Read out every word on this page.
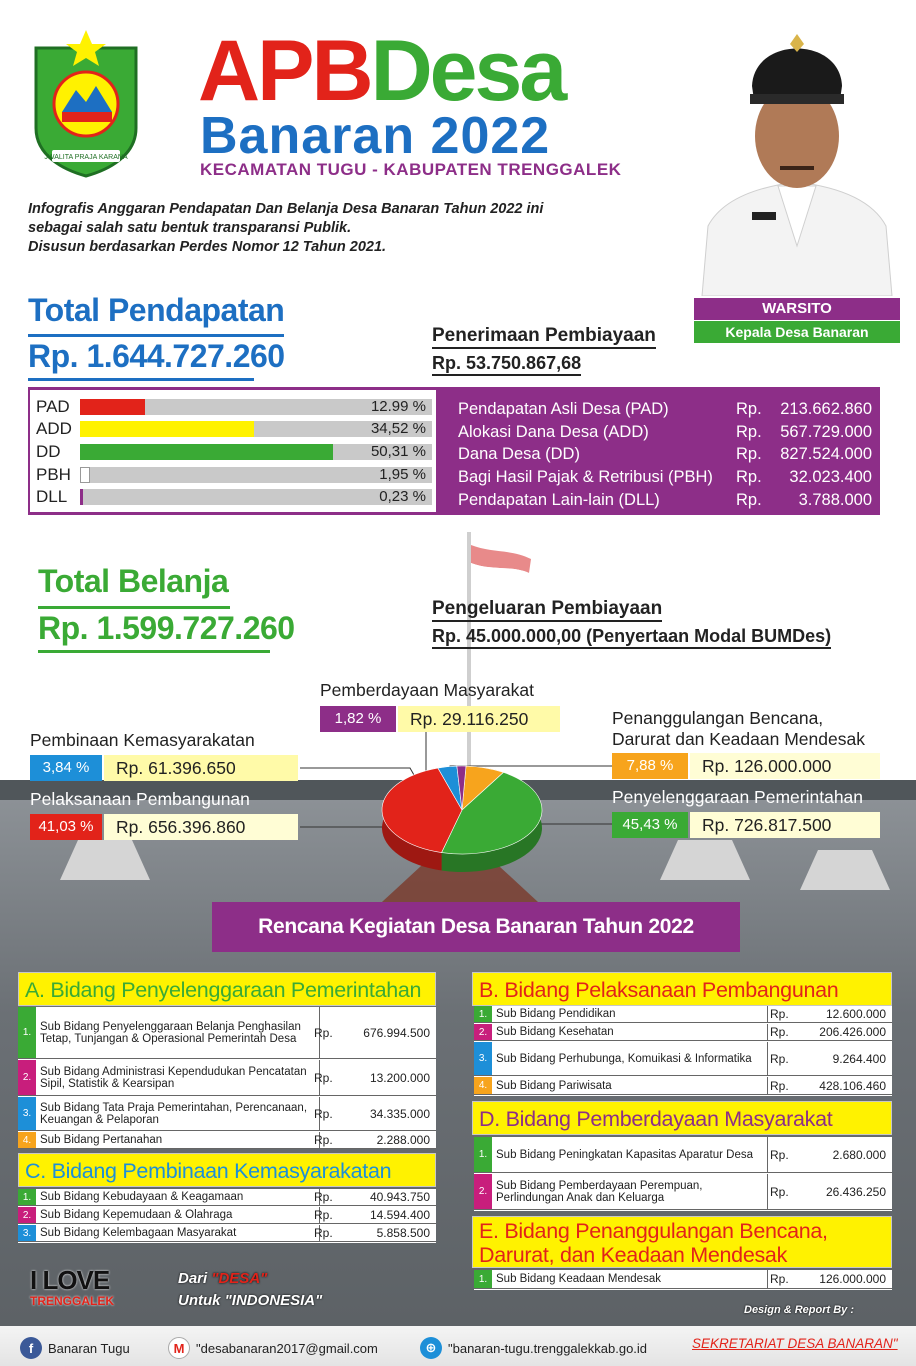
JWALITA PRAJA KARANA
APBDesa
Banaran 2022
KECAMATAN TUGU - KABUPATEN TRENGGALEK
Infografis Anggaran Pendapatan Dan Belanja Desa Banaran Tahun 2022 ini
sebagai salah satu bentuk transparansi Publik.
Disusun berdasarkan Perdes Nomor 12 Tahun 2021.
WARSITO
Kepala Desa Banaran
Total Pendapatan
Rp. 1.644.727.260
Penerimaan Pembiayaan
Rp. 53.750.867,68
PAD	12.99 %
ADD	34,52 %
DD	50,31 %
PBH	1,95 %
DLL	0,23 %
Pendapatan Asli Desa (PAD)	Rp. 213.662.860
Alokasi Dana Desa (ADD)	Rp. 567.729.000
Dana Desa (DD)	Rp. 827.524.000
Bagi Hasil Pajak & Retribusi (PBH) Rp. 32.023.400
Pendapatan Lain-lain (DLL)	Rp. 3.788.000
Total Belanja
Rp. 1.599.727.260
Pengeluaran Pembiayaan
Rp. 45.000.000,00 (Penyertaan Modal BUMDes)
Pemberdayaan Masyarakat
1,82 %	Rp. 29.116.250
Pembinaan Kemasyarakatan
3,84 %	Rp. 61.396.650
Pelaksanaan Pembangunan
41,03 %	Rp. 656.396.860
Penanggulangan Bencana,
Darurat dan Keadaan Mendesak
7,88 %	Rp. 126.000.000
Penyelenggaraan Pemerintahan
45,43 %	Rp. 726.817.500
Rencana Kegiatan Desa Banaran Tahun 2022
A. Bidang Penyelenggaraan Pemerintahan
1. Sub Bidang Penyelenggaraan Belanja Penghasilan Tetap, Tunjangan & Operasional Pemerintah Desa	Rp.	676.994.500
2. Sub Bidang Administrasi Kependudukan Pencatatan Sipil, Statistik & Kearsipan	Rp.	13.200.000
3. Sub Bidang Tata Praja Pemerintahan, Perencanaan, Keuangan & Pelaporan	Rp.	34.335.000
4. Sub Bidang Pertanahan	Rp.	2.288.000
C. Bidang Pembinaan Kemasyarakatan
1. Sub Bidang Kebudayaan & Keagamaan	Rp.	40.943.750
2. Sub Bidang Kepemudaan & Olahraga	Rp.	14.594.400
3. Sub Bidang Kelembagaan Masyarakat	Rp.	5.858.500
B. Bidang Pelaksanaan Pembangunan
1. Sub Bidang Pendidikan	Rp.	12.600.000
2. Sub Bidang Kesehatan	Rp.	206.426.000
3. Sub Bidang Perhubunga, Komuikasi & Informatika	Rp.	9.264.400
4. Sub Bidang Pariwisata	Rp.	428.106.460
D. Bidang Pemberdayaan Masyarakat
1. Sub Bidang Peningkatan Kapasitas Aparatur Desa	Rp.	2.680.000
2. Sub Bidang Pemberdayaan Perempuan, Perlindungan Anak dan Keluarga	Rp.	26.436.250
E. Bidang Penanggulangan Bencana,
Darurat, dan Keadaan Mendesak
1. Sub Bidang Keadaan Mendesak	Rp.	126.000.000
I LOVE
TRENGGALEK
Dari "DESA"
Untuk "INDONESIA"
Design & Report By :
f	Banaran Tugu	M "desabanaran2017@gmail.com	⊕ "banaran-tugu.trenggalekkab.go.id	SEKRETARIAT DESA BANARAN"
